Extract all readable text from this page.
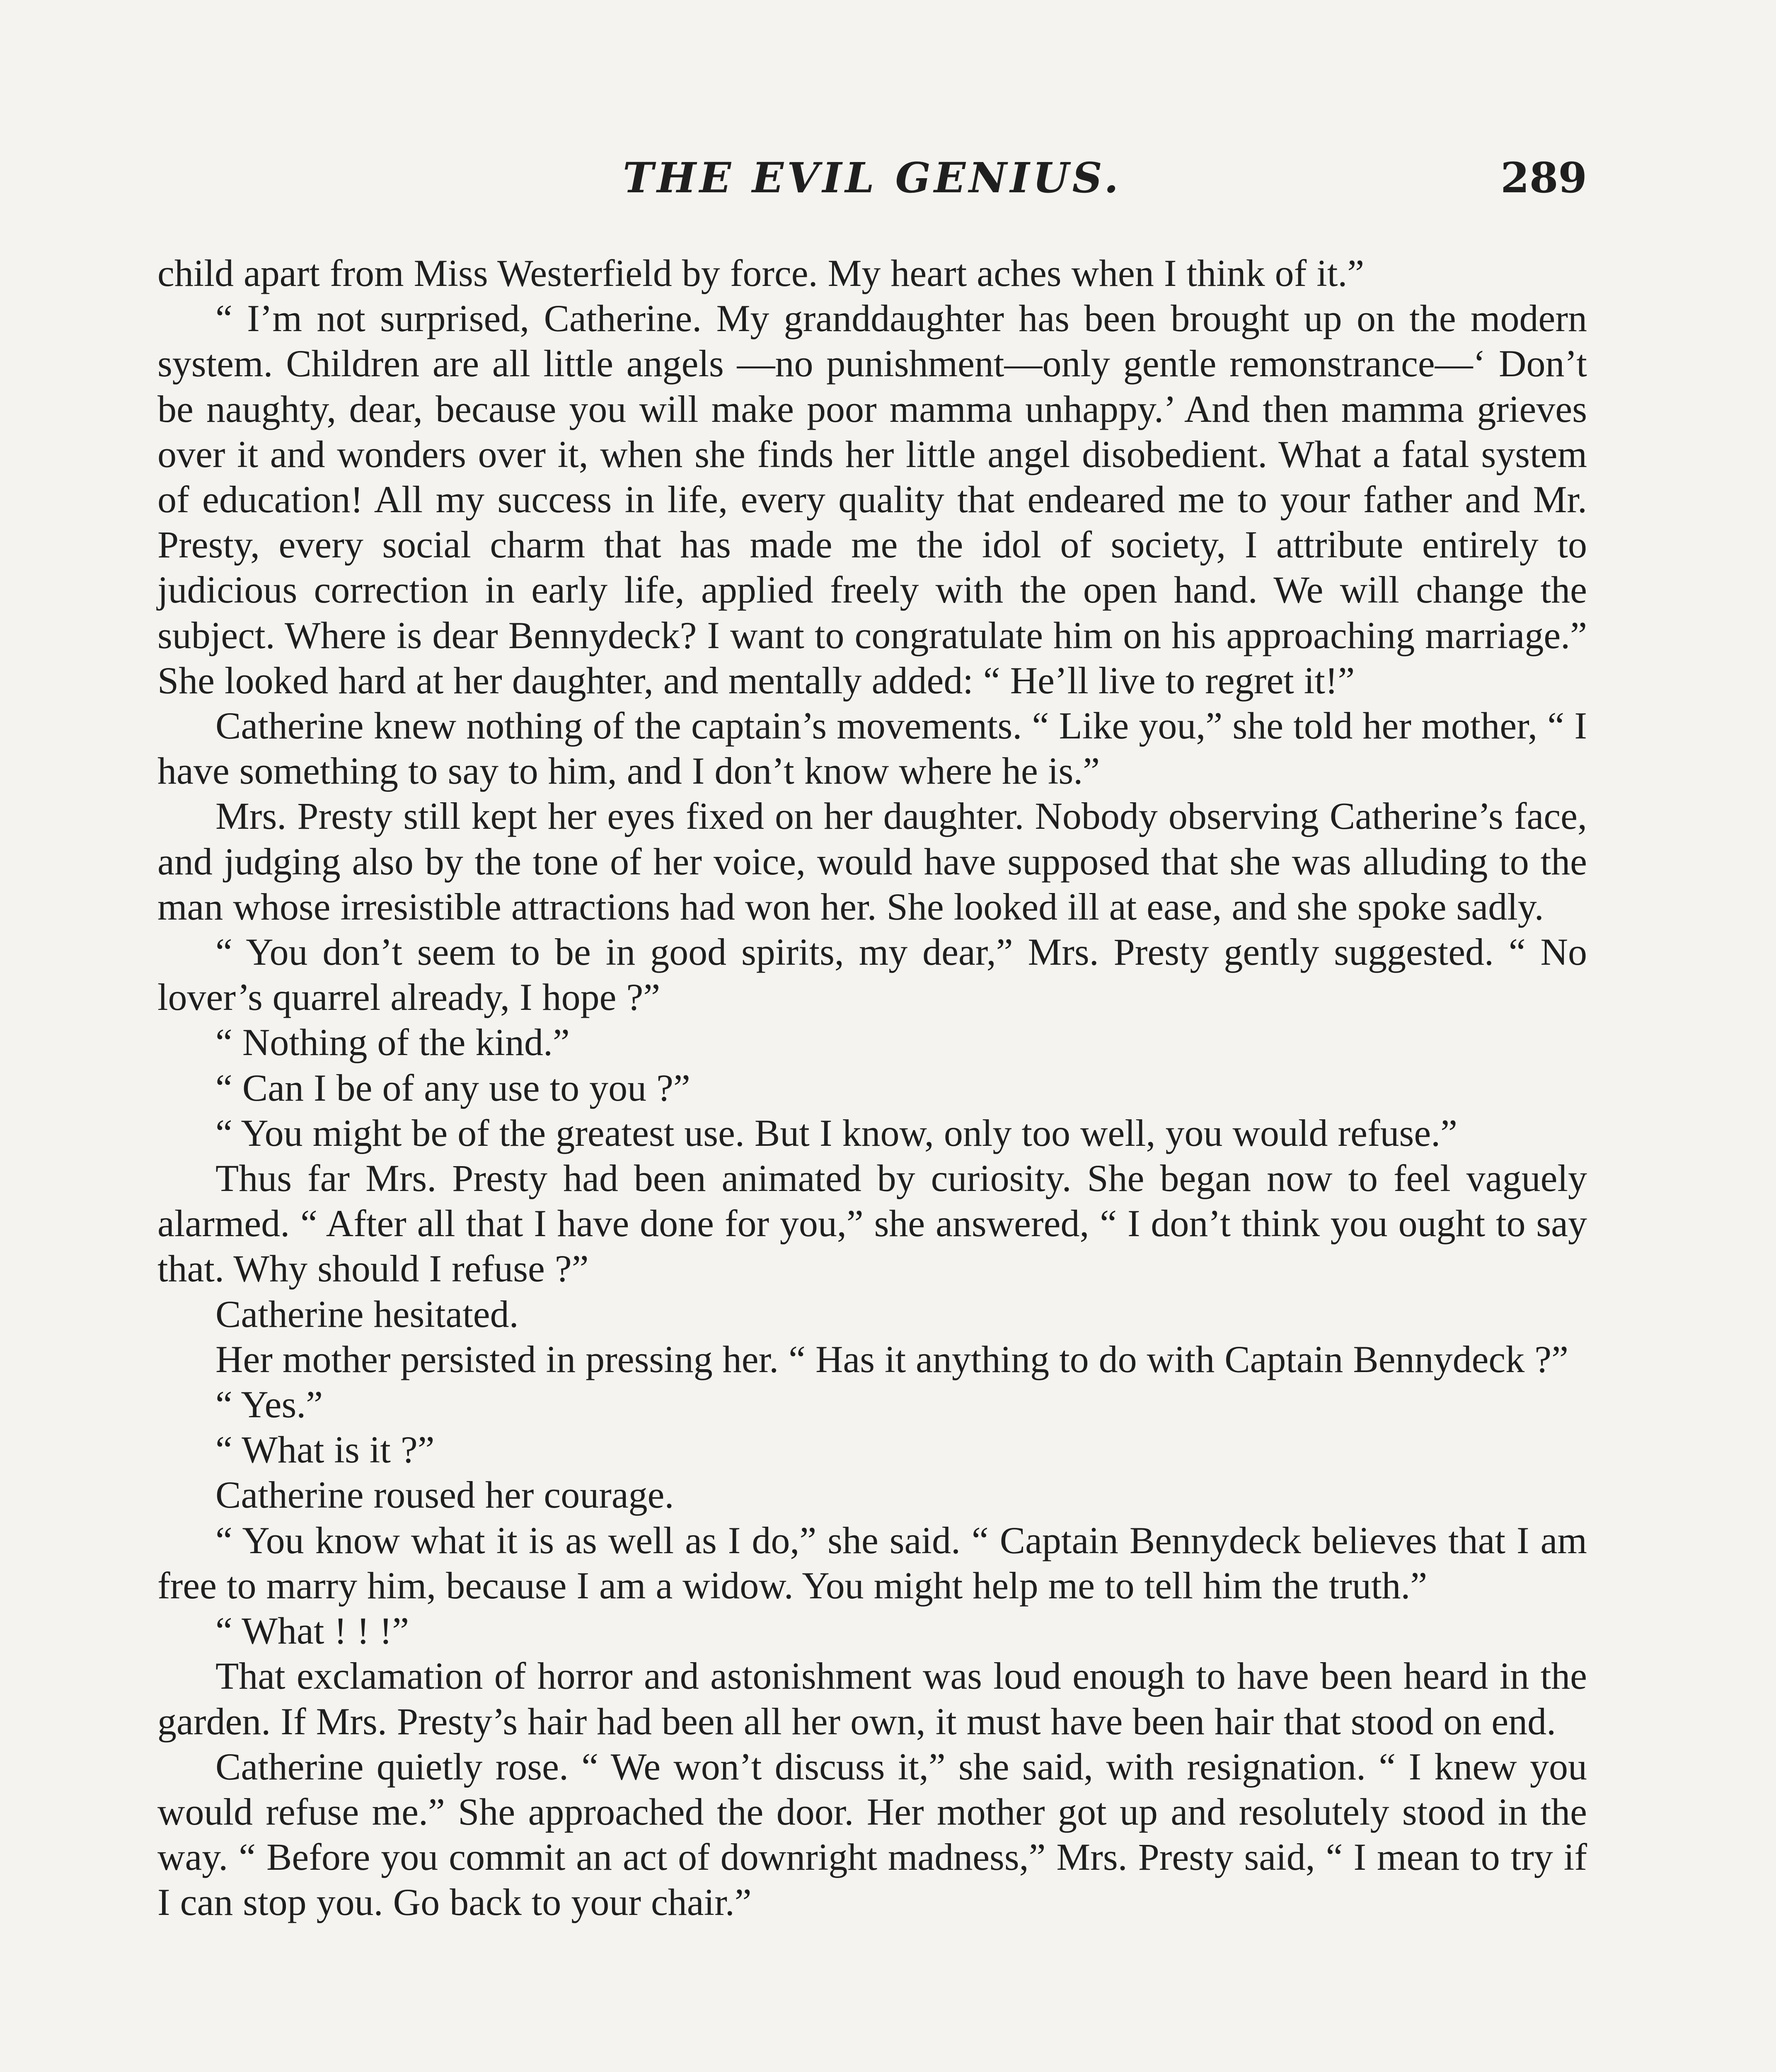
THE EVIL GENIUS.	289

child apart from Miss Westerfield by force. My heart aches when I think of it.”

“ I’m not surprised, Catherine. My granddaughter has been brought up on the modern system. Children are all little angels —no punishment—only gentle remonstrance—‘ Don’t be naughty, dear, because you will make poor mamma unhappy.’ And then mamma grieves over it and wonders over it, when she finds her little angel disobedient. What a fatal system of education! All my success in life, every quality that endeared me to your father and Mr. Presty, every social charm that has made me the idol of society, I attribute entirely to judicious correction in early life, applied freely with the open hand. We will change the subject. Where is dear Bennydeck? I want to congratulate him on his approaching marriage.” She looked hard at her daughter, and mentally added: “ He’ll live to regret it!”

Catherine knew nothing of the captain’s movements. “ Like you,” she told her mother, “ I have something to say to him, and I don’t know where he is.”

Mrs. Presty still kept her eyes fixed on her daughter. Nobody observing Catherine’s face, and judging also by the tone of her voice, would have supposed that she was alluding to the man whose irresistible attractions had won her. She looked ill at ease, and she spoke sadly.

“ You don’t seem to be in good spirits, my dear,” Mrs. Presty gently suggested. “ No lover’s quarrel already, I hope ?”

“ Nothing of the kind.”

“ Can I be of any use to you ?”

“ You might be of the greatest use. But I know, only too well, you would refuse.”

Thus far Mrs. Presty had been animated by curiosity. She began now to feel vaguely alarmed. “ After all that I have done for you,” she answered, “ I don’t think you ought to say that. Why should I refuse ?”

Catherine hesitated.

Her mother persisted in pressing her. “ Has it anything to do with Captain Bennydeck ?”

“ Yes.”

“ What is it ?”

Catherine roused her courage.

“ You know what it is as well as I do,” she said. “ Captain Bennydeck believes that I am free to marry him, because I am a widow. You might help me to tell him the truth.”

“ What ! ! !”

That exclamation of horror and astonishment was loud enough to have been heard in the garden. If Mrs. Presty’s hair had been all her own, it must have been hair that stood on end.

Catherine quietly rose. “ We won’t discuss it,” she said, with resignation. “ I knew you would refuse me.” She approached the door. Her mother got up and resolutely stood in the way. “ Before you commit an act of downright madness,” Mrs. Presty said, “ I mean to try if I can stop you. Go back to your chair.”
